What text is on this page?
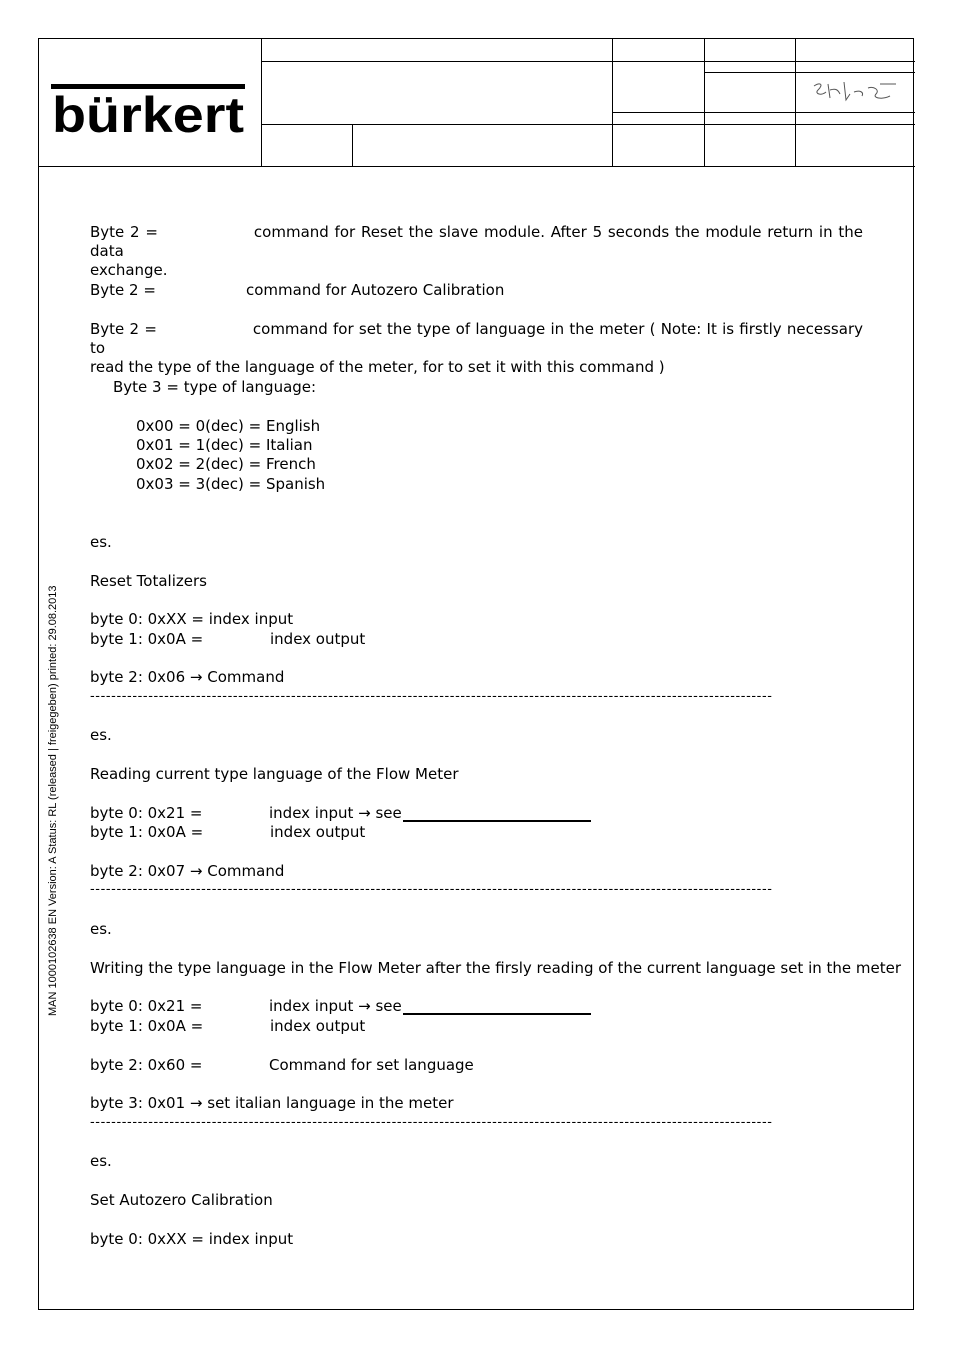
bürkert
MAN 1000102638 EN Version: A Status: RL (released | freigegeben) printed: 29.08.2013
Byte 2 =	command for Reset the slave module. After 5 seconds the module return in the data
exchange.
Byte 2 =	command for Autozero Calibration
Byte 2 =	command for set the type of language in the meter ( Note: It is firstly necessary to
read the type of the language of the meter, for to set it with this command )
Byte 3 = type of language:
0x00 = 0(dec) = English
0x01 = 1(dec) = Italian
0x02 = 2(dec) = French
0x03 = 3(dec) = Spanish
es.
Reset Totalizers
byte 0: 0xXX = index input
byte 1: 0x0A =	index output
byte 2: 0x06 → Command
---------------------------------------------------------------------------------------------------------------------------------
es.
Reading current type language of the Flow Meter
byte 0: 0x21 =	index input → see
byte 1: 0x0A =	index output
byte 2: 0x07 → Command
---------------------------------------------------------------------------------------------------------------------------------
es.
Writing the type language in the Flow Meter after the firsly reading of the current language set in the meter
byte 0: 0x21 =	index input → see
byte 1: 0x0A =	index output
byte 2: 0x60 =	Command for set language
byte 3: 0x01 → set italian language in the meter
---------------------------------------------------------------------------------------------------------------------------------
es.
Set Autozero Calibration
byte 0: 0xXX = index input
